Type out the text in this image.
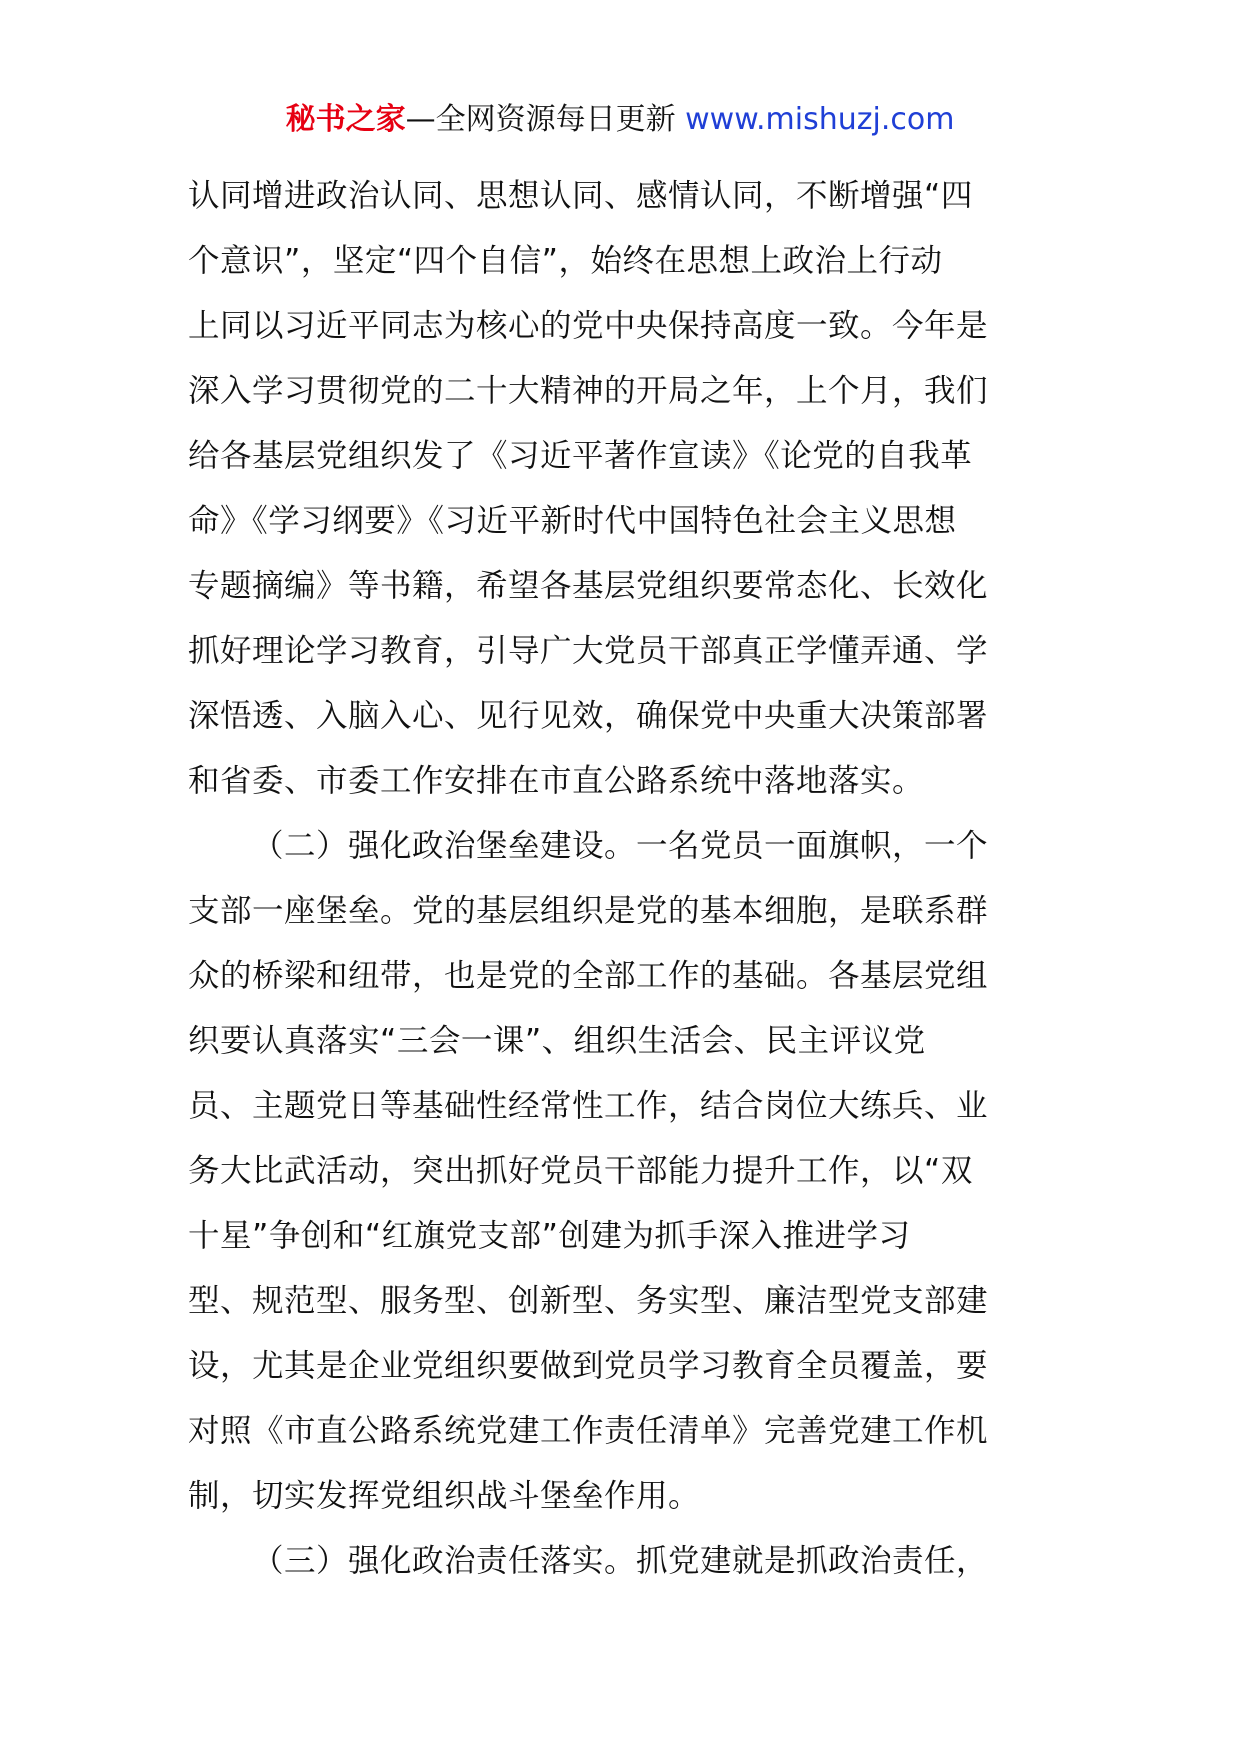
秘书之家—全网资源每日更新 www.mishuzj.com
认同增进政治认同、思想认同、感情认同，不断增强“四
个意识”，坚定“四个自信”，始终在思想上政治上行动
上同以习近平同志为核心的党中央保持高度一致。今年是
深入学习贯彻党的二十大精神的开局之年，上个月，我们
给各基层党组织发了《习近平著作宣读》《论党的自我革
命》《学习纲要》《习近平新时代中国特色社会主义思想
专题摘编》等书籍，希望各基层党组织要常态化、长效化
抓好理论学习教育，引导广大党员干部真正学懂弄通、学
深悟透、入脑入心、见行见效，确保党中央重大决策部署
和省委、市委工作安排在市直公路系统中落地落实。
（二）强化政治堡垒建设。一名党员一面旗帜，一个
支部一座堡垒。党的基层组织是党的基本细胞，是联系群
众的桥梁和纽带，也是党的全部工作的基础。各基层党组
织要认真落实“三会一课”、组织生活会、民主评议党
员、主题党日等基础性经常性工作，结合岗位大练兵、业
务大比武活动，突出抓好党员干部能力提升工作，以“双
十星”争创和“红旗党支部”创建为抓手深入推进学习
型、规范型、服务型、创新型、务实型、廉洁型党支部建
设，尤其是企业党组织要做到党员学习教育全员覆盖，要
对照《市直公路系统党建工作责任清单》完善党建工作机
制，切实发挥党组织战斗堡垒作用。
（三）强化政治责任落实。抓党建就是抓政治责任，
